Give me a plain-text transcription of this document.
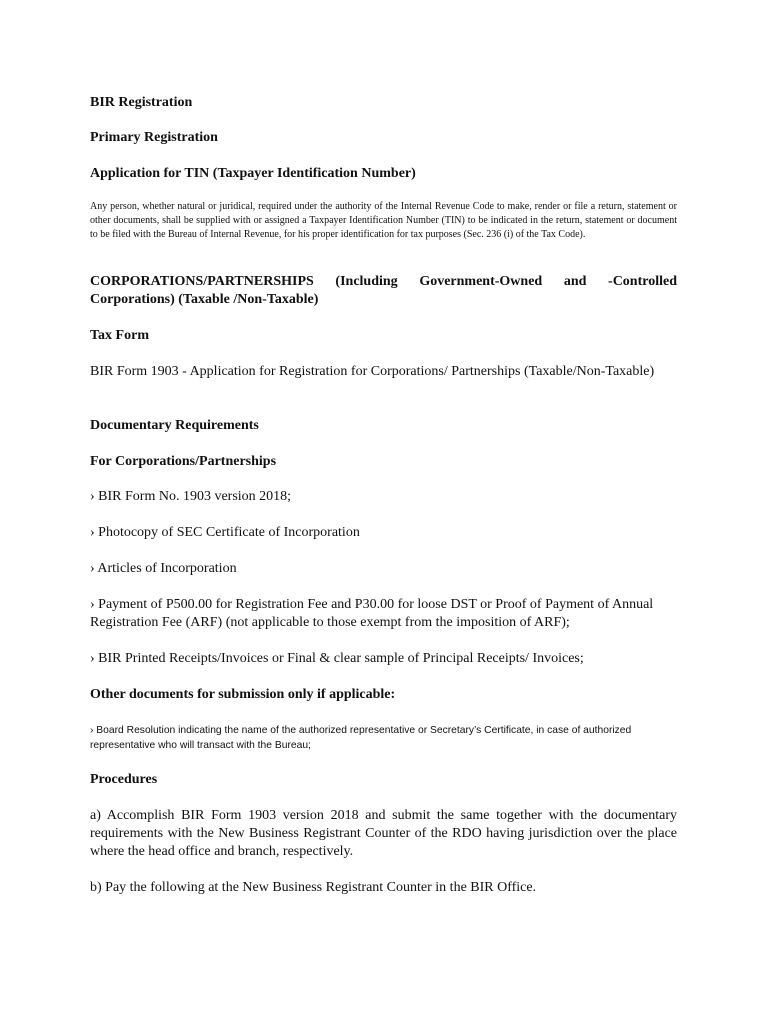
BIR Registration

Primary Registration

Application for TIN (Taxpayer Identification Number)

Any person, whether natural or juridical, required under the authority of the Internal Revenue Code to make, render or file a return, statement or other documents, shall be supplied with or assigned a Taxpayer Identification Number (TIN) to be indicated in the return, statement or document to be filed with the Bureau of Internal Revenue, for his proper identification for tax purposes (Sec. 236 (i) of the Tax Code).

CORPORATIONS/PARTNERSHIPS (Including Government-Owned and -Controlled Corporations) (Taxable /Non-Taxable)

Tax Form

BIR Form 1903 - Application for Registration for Corporations/ Partnerships (Taxable/Non-Taxable)

Documentary Requirements

For Corporations/Partnerships

› BIR Form No. 1903 version 2018;

› Photocopy of SEC Certificate of Incorporation

› Articles of Incorporation

› Payment of P500.00 for Registration Fee and P30.00 for loose DST or Proof of Payment of Annual Registration Fee (ARF) (not applicable to those exempt from the imposition of ARF);

› BIR Printed Receipts/Invoices or Final & clear sample of Principal Receipts/ Invoices;

Other documents for submission only if applicable:

› Board Resolution indicating the name of the authorized representative or Secretary’s Certificate, in case of authorized representative who will transact with the Bureau;

Procedures

a) Accomplish BIR Form 1903 version 2018 and submit the same together with the documentary requirements with the New Business Registrant Counter of the RDO having jurisdiction over the place where the head office and branch, respectively.

b) Pay the following at the New Business Registrant Counter in the BIR Office.
